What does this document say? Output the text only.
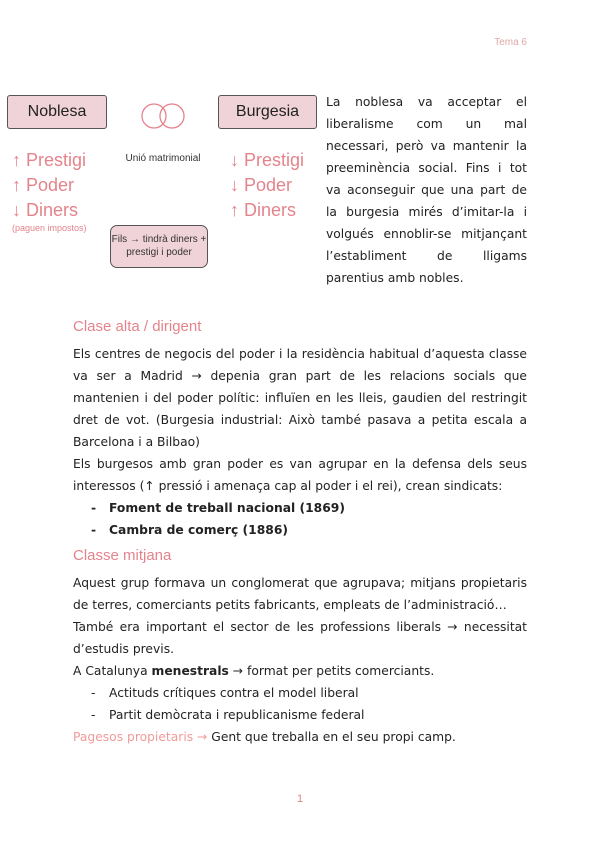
Tema 6
Noblesa	Burgesia
Unió matrimonial
↑ Prestigi
↑ Poder
↓ Diners
(paguen impostos)
↓ Prestigi
↓ Poder
↑ Diners
Fils → tindrà diners + prestigi i poder
La noblesa va acceptar el liberalisme com un mal necessari, però va mantenir la preeminència social. Fins i tot va aconseguir que una part de la burgesia mirés d’imitar-la i volgués ennoblir-se mitjançant l’establiment de lligams parentius amb nobles.
Clase alta / dirigent

Els centres de negocis del poder i la residència habitual d’aquesta classe va ser a Madrid → depenia gran part de les relacions socials que mantenien i del poder polític: influïen en les lleis, gaudien del restringit dret de vot. (Burgesia industrial: Això també pasava a petita escala a Barcelona i a Bilbao)

Els burgesos amb gran poder es van agrupar en la defensa dels seus interessos (↑ pressió i amenaça cap al poder i el rei), crean sindicats:

- Foment de treball nacional (1869)
- Cambra de comerç (1886)
Classe mitjana

Aquest grup formava un conglomerat que agrupava; mitjans propietaris de terres, comerciants petits fabricants, empleats de l’administració…

També era important el sector de les professions liberals → necessitat d’estudis previs.

A Catalunya menestrals → format per petits comerciants.

- Actituds crítiques contra el model liberal
- Partit demòcrata i republicanisme federal

Pagesos propietaris → Gent que treballa en el seu propi camp.

1
